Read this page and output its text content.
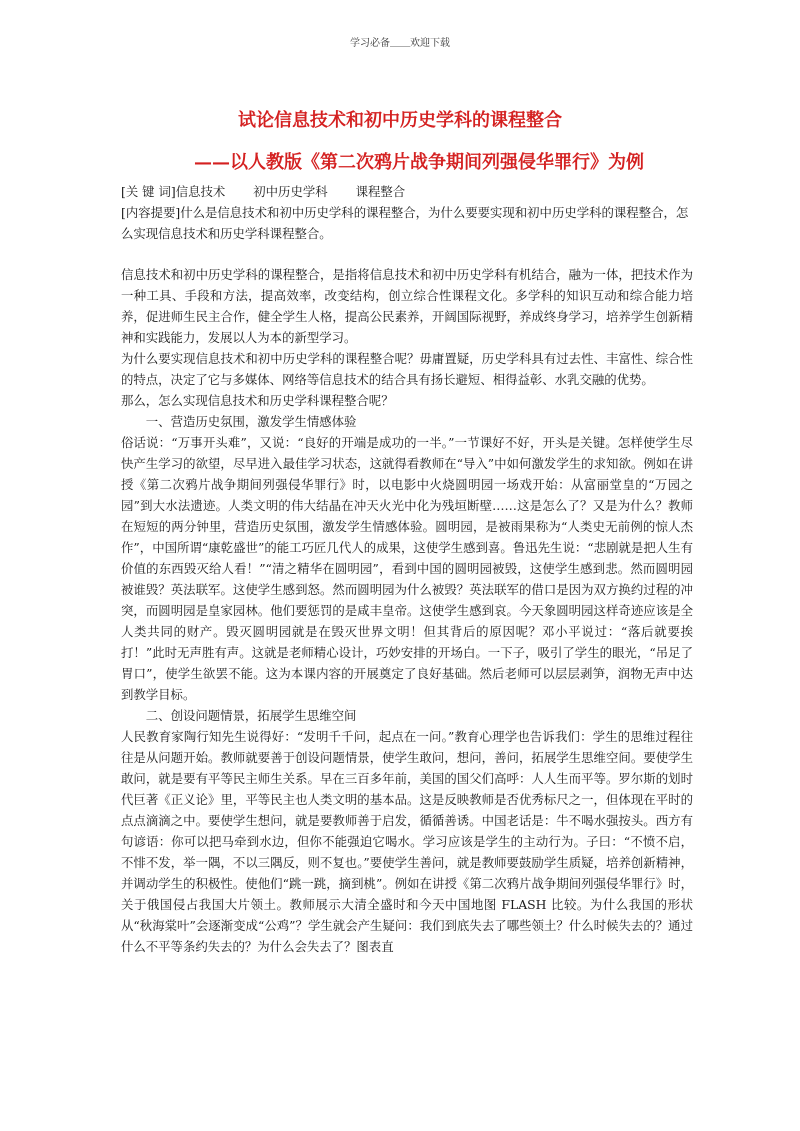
学习必备＿＿欢迎下载
试论信息技术和初中历史学科的课程整合
——以人教版《第二次鸦片战争期间列强侵华罪行》为例
[关 键 词]信息技术 初中历史学科 课程整合
[内容提要]什么是信息技术和初中历史学科的课程整合，为什么要要实现和初中历史学科的课程整合，怎么实现信息技术和历史学科课程整合。

信息技术和初中历史学科的课程整合，是指将信息技术和初中历史学科有机结合，融为一体，把技术作为一种工具、手段和方法，提高效率，改变结构，创立综合性课程文化。多学科的知识互动和综合能力培养，促进师生民主合作，健全学生人格，提高公民素养，开阔国际视野，养成终身学习，培养学生创新精神和实践能力，发展以人为本的新型学习。

为什么要实现信息技术和初中历史学科的课程整合呢？毋庸置疑，历史学科具有过去性、丰富性、综合性的特点，决定了它与多媒体、网络等信息技术的结合具有扬长避短、相得益彰、水乳交融的优势。

那么，怎么实现信息技术和历史学科课程整合呢？

一、营造历史氛围，激发学生情感体验

俗话说：“万事开头难”，又说：“良好的开端是成功的一半。”一节课好不好，开头是关键。怎样使学生尽快产生学习的欲望，尽早进入最佳学习状态，这就得看教师在“导入”中如何激发学生的求知欲。例如在讲授《第二次鸦片战争期间列强侵华罪行》时，以电影中火烧圆明园一场戏开始：从富丽堂皇的“万园之园”到大水法遗迹。人类文明的伟大结晶在冲天火光中化为残垣断壁……这是怎么了？又是为什么？教师在短短的两分钟里，营造历史氛围，激发学生情感体验。圆明园，是被雨果称为“人类史无前例的惊人杰作”，中国所谓“康乾盛世”的能工巧匠几代人的成果，这使学生感到喜。鲁迅先生说：“悲剧就是把人生有价值的东西毁灭给人看！”“清之精华在圆明园”，看到中国的圆明园被毁，这使学生感到悲。然而圆明园被谁毁？英法联军。这使学生感到怒。然而圆明园为什么被毁？英法联军的借口是因为双方换约过程的冲突，而圆明园是皇家园林。他们要惩罚的是咸丰皇帝。这使学生感到哀。今天象圆明园这样奇迹应该是全人类共同的财产。毁灭圆明园就是在毁灭世界文明！但其背后的原因呢？邓小平说过：“落后就要挨打！”此时无声胜有声。这就是老师精心设计，巧妙安排的开场白。一下子，吸引了学生的眼光，“吊足了胃口”，使学生欲罢不能。这为本课内容的开展奠定了良好基础。然后老师可以层层剥笋，润物无声中达到教学目标。

二、创设问题情景，拓展学生思维空间

人民教育家陶行知先生说得好：“发明千千问，起点在一问。”教育心理学也告诉我们：学生的思维过程往往是从问题开始。教师就要善于创设问题情景，使学生敢问，想问，善问，拓展学生思维空间。要使学生敢问，就是要有平等民主师生关系。早在三百多年前，美国的国父们高呼：人人生而平等。罗尔斯的划时代巨著《正义论》里，平等民主也人类文明的基本品。这是反映教师是否优秀标尺之一，但体现在平时的点点滴滴之中。要使学生想问，就是要教师善于启发，循循善诱。中国老话是：牛不喝水强按头。西方有句谚语：你可以把马牵到水边，但你不能强迫它喝水。学习应该是学生的主动行为。子曰：“不愤不启，不悱不发，举一隅，不以三隅反，则不复也。”要使学生善问，就是教师要鼓励学生质疑，培养创新精神，并调动学生的积极性。使他们“跳一跳，摘到桃”。例如在讲授《第二次鸦片战争期间列强侵华罪行》时，关于俄国侵占我国大片领土。教师展示大清全盛时和今天中国地图 FLASH 比较。为什么我国的形状从“秋海棠叶”会逐渐变成“公鸡”？学生就会产生疑问：我们到底失去了哪些领土？什么时候失去的？通过什么不平等条约失去的？为什么会失去了？图表直
